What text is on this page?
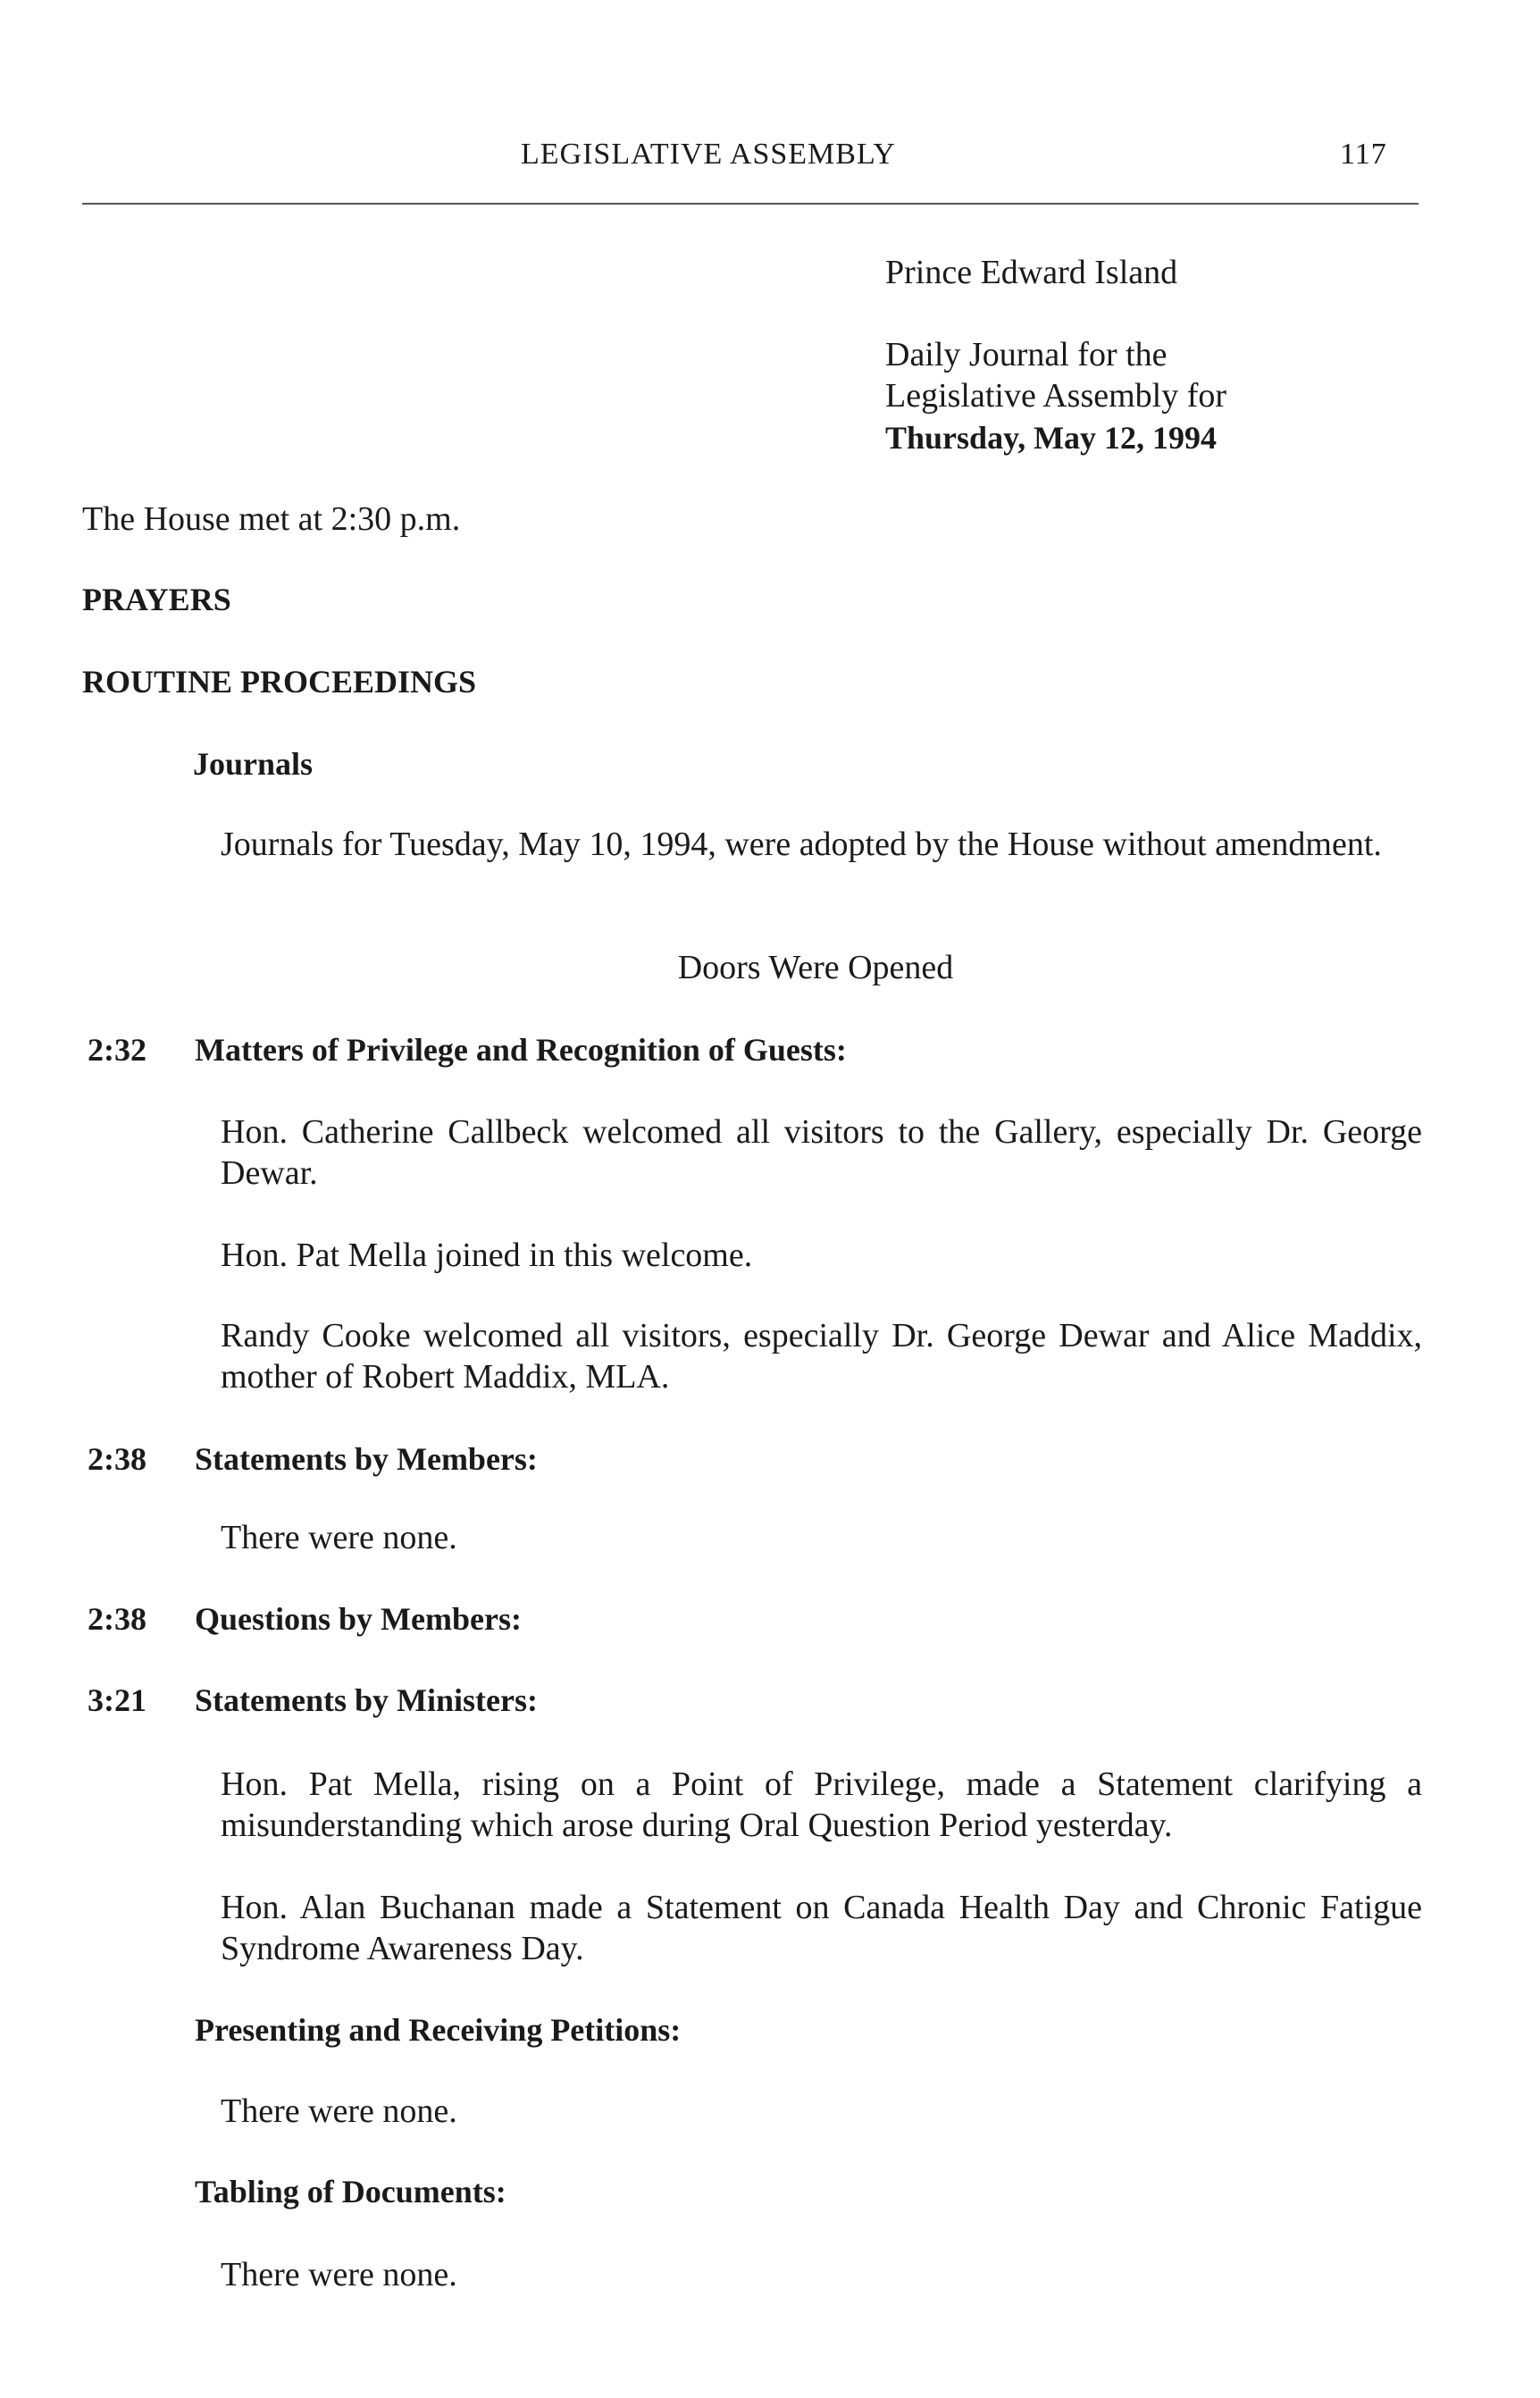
LEGISLATIVE ASSEMBLY	117
Prince Edward Island
Daily Journal for the
Legislative Assembly for
Thursday, May 12, 1994
The House met at 2:30 p.m.
PRAYERS
ROUTINE PROCEEDINGS
Journals
Journals for Tuesday, May 10, 1994, were adopted by the House without amendment.
Doors Were Opened
2:32 Matters of Privilege and Recognition of Guests:
Hon. Catherine Callbeck welcomed all visitors to the Gallery, especially Dr. George Dewar.
Hon. Pat Mella joined in this welcome.
Randy Cooke welcomed all visitors, especially Dr. George Dewar and Alice Maddix, mother of Robert Maddix, MLA.
2:38 Statements by Members:
There were none.
2:38 Questions by Members:
3:21 Statements by Ministers:
Hon. Pat Mella, rising on a Point of Privilege, made a Statement clarifying a misunderstanding which arose during Oral Question Period yesterday.
Hon. Alan Buchanan made a Statement on Canada Health Day and Chronic Fatigue Syndrome Awareness Day.
Presenting and Receiving Petitions:
There were none.
Tabling of Documents:
There were none.
